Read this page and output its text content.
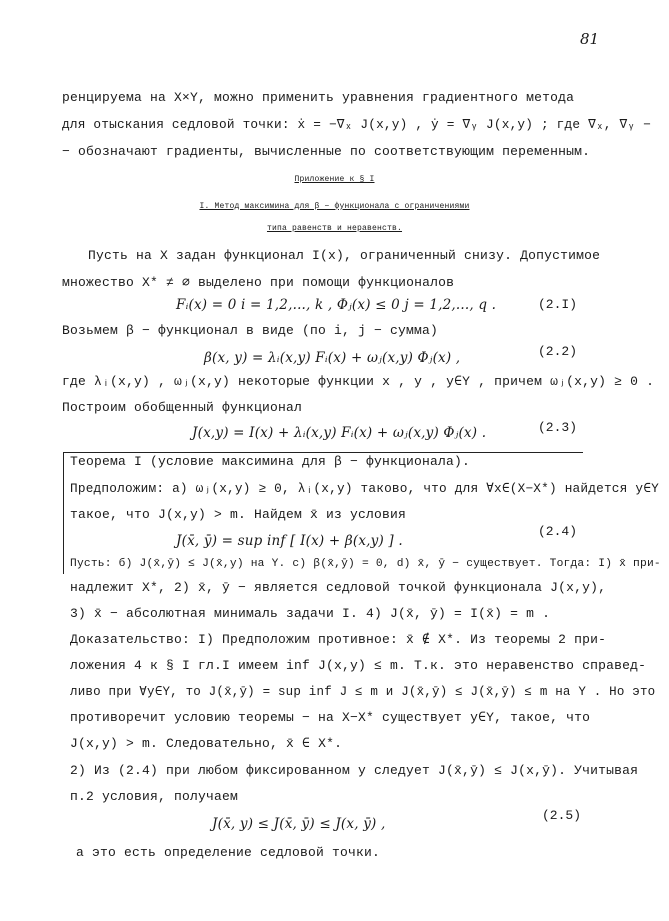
81
ренцируема на X×Y, можно применить уравнения градиентного метода
для отыскания седловой точки: ẋ = −∇ₓ J(x,y) , ẏ = ∇ᵧ J(x,y) ; где ∇ₓ, ∇ᵧ −
− обозначают градиенты, вычисленные по соответствующим переменным.
Приложение к § I
I. Метод максимина для β − функционала с ограничениями
типа равенств и неравенств.
Пусть на X задан функционал I(x), ограниченный снизу. Допустимое
множество X* ≠ ∅ выделено при помощи функционалов
Fᵢ(x) = 0 i = 1,2,..., k , Φⱼ(x) ≤ 0 j = 1,2,..., q .	(2.I)
Возьмем β − функционал в виде (по i, j − сумма)
β(x, y) = λᵢ(x,y) Fᵢ(x) + ωⱼ(x,y) Φⱼ(x) ,	(2.2)
где λᵢ(x,y) , ωⱼ(x,y) некоторые функции x , y , y∈Y , причем ωⱼ(x,y) ≥ 0 .
Построим обобщенный функционал
J(x,y) = I(x) + λᵢ(x,y) Fᵢ(x) + ωⱼ(x,y) Φⱼ(x) .	(2.3)
Теорема I (условие максимина для β − функционала).
Предположим: а) ωⱼ(x,y) ≥ 0, λᵢ(x,y) таково, что для ∀x∈(X−X*) найдется y∈Y
такое, что J(x,y) > m. Найдем x̄ из условия
J(x̄, ȳ) = sup inf [ I(x) + β(x,y) ] .
(2.4)
Пусть: б) J(x̄,ȳ) ≤ J(x̄,y) на Y. с) β(x̄,ȳ) = 0, d) x̄, ȳ − существует. Тогда: I) x̄ при-
надлежит X*, 2) x̄, ȳ − является седловой точкой функционала J(x,y),
3) x̄ − абсолютная минималь задачи I. 4) J(x̄, ȳ) = I(x̄) = m .
Доказательство: I) Предположим противное: x̄ ∉ X*. Из теоремы 2 при-
ложения 4 к § I гл.I имеем inf J(x,y) ≤ m. Т.к. это неравенство справед-
ливо при ∀y∈Y, то J(x̄,ȳ) = sup inf J ≤ m и J(x̄,ȳ) ≤ J(x̄,ȳ) ≤ m на Y . Но это
противоречит условию теоремы − на X−X* существует y∈Y, такое, что
J(x,y) > m. Следовательно, x̄ ∈ X*.
2) Из (2.4) при любом фиксированном y следует J(x̄,ȳ) ≤ J(x,ȳ). Учитывая
п.2 условия, получаем
J(x̄, y) ≤ J(x̄, ȳ) ≤ J(x, ȳ) ,
(2.5)
а это есть определение седловой точки.
